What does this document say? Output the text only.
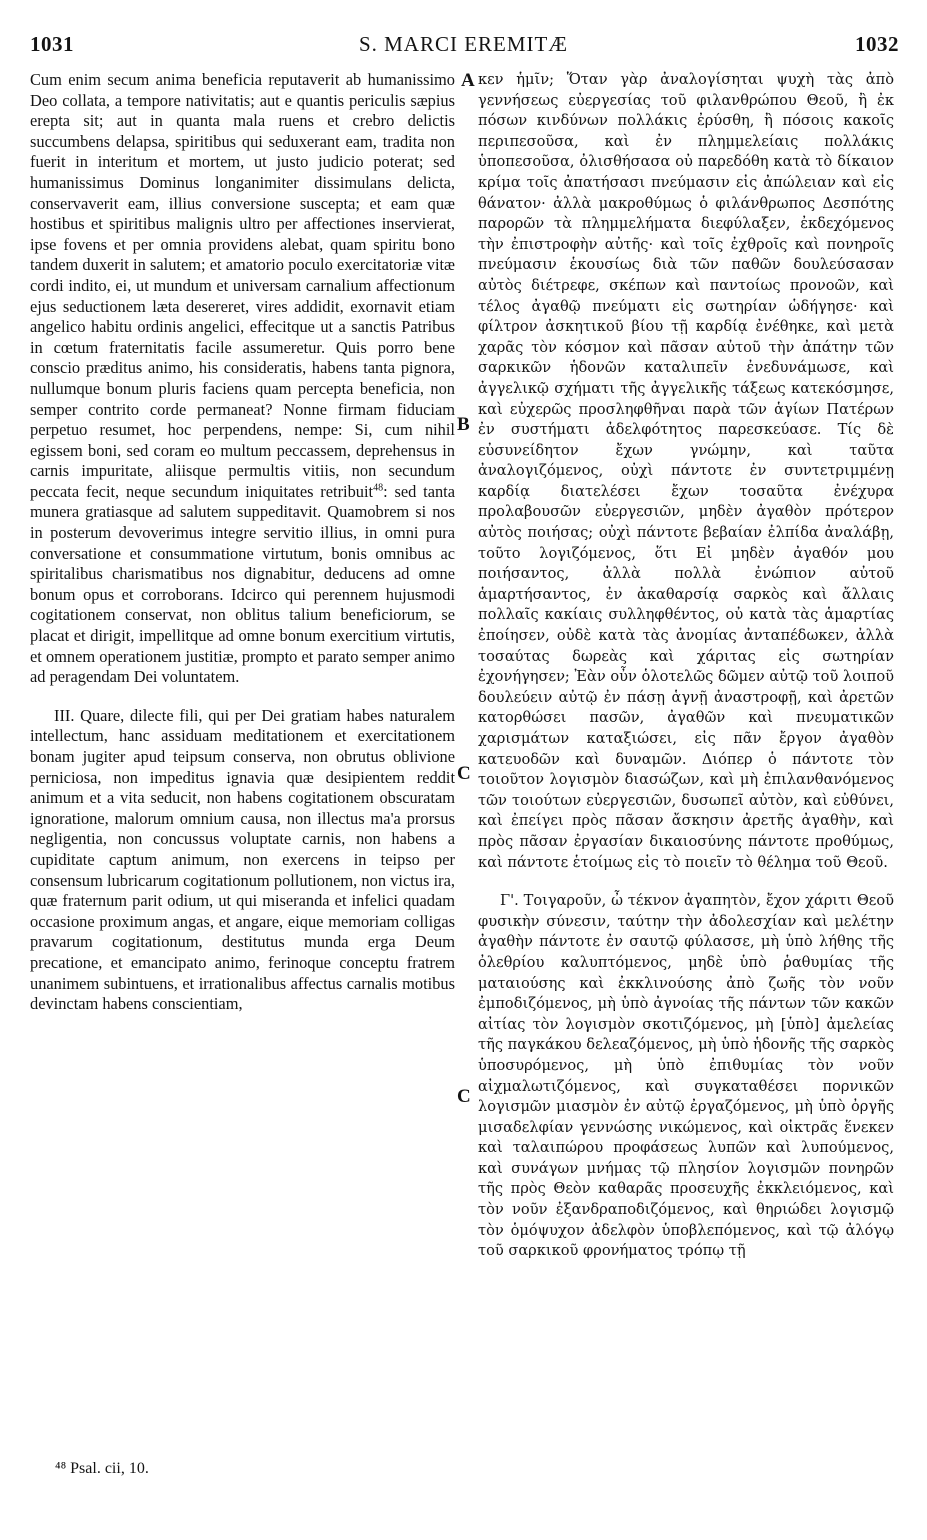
1031	S. MARCI EREMITÆ	1032

Cum enim secum anima beneficia reputaverit ab humanissimo Deo collata, a tempore nativitatis; aut e quantis periculis sæpius erepta sit; aut in quanta mala ruens et crebro delictis succumbens delapsa, spiritibus qui seduxerant eam, tradita non fuerit in interitum et mortem, ut justo judicio poterat; sed humanissimus Dominus longanimiter dissimulans delicta, conservaverit eam, illius conversione suscepta; et eam quæ hostibus et spiritibus malignis ultro per affectiones inservierat, ipse fovens et per omnia providens alebat, quam spiritu bono tandem duxerit in salutem; et amatorio poculo exercitatoriæ vitæ cordi indito, ei, ut mundum et universam carnalium affectionum ejus seductionem læta desereret, vires addidit, exornavit etiam angelico habitu ordinis angelici, effecitque ut a sanctis Patribus in cœtum fraternitatis facile assumeretur. Quis porro bene conscio præditus animo, his consideratis, habens tanta pignora, nullumque bonum pluris faciens quam percepta beneficia, non semper contrito corde permaneat? Nonne firmam fiduciam perpetuo resumet, hoc perpendens, nempe: Si, cum nihil egissem boni, sed coram eo multum peccassem, deprehensus in carnis impuritate, aliisque permultis vitiis, non secundum peccata fecit, neque secundum iniquitates retribuit$^{48}$: sed tanta munera gratiasque ad salutem suppeditavit. Quamobrem si nos in posterum devoverimus integre servitio illius, in omni pura conversatione et consummatione virtutum, bonis omnibus ac spiritalibus charismatibus nos dignabitur, deducens ad omne bonum opus et corroborans. Idcirco qui perennem hujusmodi cogitationem conservat, non oblitus talium beneficiorum, se placat et dirigit, impellitque ad omne bonum exercitium virtutis, et omnem operationem justitiæ, prompto et parato semper animo ad peragendam Dei voluntatem.

III. Quare, dilecte fili, qui per Dei gratiam habes naturalem intellectum, hanc assiduam meditationem et exercitationem bonam jugiter apud teipsum conserva, non obrutus oblivione perniciosa, non impeditus ignavia quæ desipientem reddit animum et a vita seducit, non habens cogitationem obscuratam ignoratione, malorum omnium causa, non illectus ma'a prorsus negligentia, non concussus voluptate carnis, non habens a cupiditate captum animum, non exercens in teipso per consensum lubricarum cogitationum pollutionem, non victus ira, quæ fraternum parit odium, ut qui miseranda et infelici quadam occasione proximum angas, et angare, eique memoriam colligas pravarum cogitationum, destitutus munda erga Deum precatione, et emancipato animo, ferinoque conceptu fratrem unanimem subintuens, et irrationalibus affectus carnalis motibus devinctam habens conscientiam,

A
B
C
C

κεν ἡμῖν; Ὅταν γὰρ ἀναλογίσηται ψυχὴ τὰς ἀπὸ γεννήσεως εὐεργεσίας τοῦ φιλανθρώπου Θεοῦ, ἢ ἐκ πόσων κινδύνων πολλάκις ἐρύσθη, ἢ πόσοις κακοῖς περιπεσοῦσα, καὶ ἐν πλημμελείαις πολλάκις ὑποπεσοῦσα, ὀλισθήσασα οὐ παρεδόθη κατὰ τὸ δίκαιον κρίμα τοῖς ἀπατήσασι πνεύμασιν εἰς ἀπώλειαν καὶ εἰς θάνατον· ἀλλὰ μακροθύμως ὁ φιλάνθρωπος Δεσπότης παρορῶν τὰ πλημμελήματα διεφύλαξεν, ἐκδεχόμενος τὴν ἐπιστροφὴν αὐτῆς· καὶ τοῖς ἐχθροῖς καὶ πονηροῖς πνεύμασιν ἑκουσίως διὰ τῶν παθῶν δουλεύσασαν αὐτὸς διέτρεφε, σκέπων καὶ παντοίως προνοῶν, καὶ τέλος ἀγαθῷ πνεύματι εἰς σωτηρίαν ὡδήγησε· καὶ φίλτρον ἀσκητικοῦ βίου τῇ καρδίᾳ ἐνέθηκε, καὶ μετὰ χαρᾶς τὸν κόσμον καὶ πᾶσαν αὐτοῦ τὴν ἀπάτην τῶν σαρκικῶν ἡδονῶν καταλιπεῖν ἐνεδυνάμωσε, καὶ ἀγγελικῷ σχήματι τῆς ἀγγελικῆς τάξεως κατεκόσμησε, καὶ εὐχερῶς προσληφθῆναι παρὰ τῶν ἁγίων Πατέρων ἐν συστήματι ἀδελφότητος παρεσκεύασε. Τίς δὲ εὐσυνείδητον ἔχων γνώμην, καὶ ταῦτα ἀναλογιζόμενος, οὐχὶ πάντοτε ἐν συντετριμμένῃ καρδίᾳ διατελέσει ἔχων τοσαῦτα ἐνέχυρα προλαβουσῶν εὐεργεσιῶν, μηδὲν ἀγαθὸν πρότερον αὐτὸς ποιήσας; οὐχὶ πάντοτε βεβαίαν ἐλπίδα ἀναλάβῃ, τοῦτο λογιζόμενος, ὅτι Εἰ μηδὲν ἀγαθόν μου ποιήσαντος, ἀλλὰ πολλὰ ἐνώπιον αὐτοῦ ἁμαρτήσαντος, ἐν ἀκαθαρσίᾳ σαρκὸς καὶ ἄλλαις πολλαῖς κακίαις συλληφθέντος, οὐ κατὰ τὰς ἁμαρτίας ἐποίησεν, οὐδὲ κατὰ τὰς ἀνομίας ἀνταπέδωκεν, ἀλλὰ τοσαύτας δωρεὰς καὶ χάριτας εἰς σωτηρίαν ἐχονήγησεν; Ἐὰν οὖν ὁλοτελῶς δῶμεν αὐτῷ τοῦ λοιποῦ δουλεύειν αὐτῷ ἐν πάσῃ ἁγνῇ ἀναστροφῇ, καὶ ἀρετῶν κατορθώσει πασῶν, ἀγαθῶν καὶ πνευματικῶν χαρισμάτων καταξιώσει, εἰς πᾶν ἔργον ἀγαθὸν κατευοδῶν καὶ δυναμῶν. Διόπερ ὁ πάντοτε τὸν τοιοῦτον λογισμὸν διασώζων, καὶ μὴ ἐπιλανθανόμενος τῶν τοιούτων εὐεργεσιῶν, δυσωπεῖ αὐτὸν, καὶ εὐθύνει, καὶ ἐπείγει πρὸς πᾶσαν ἄσκησιν ἀρετῆς ἀγαθὴν, καὶ πρὸς πᾶσαν ἐργασίαν δικαιοσύνης πάντοτε προθύμως, καὶ πάντοτε ἑτοίμως εἰς τὸ ποιεῖν τὸ θέλημα τοῦ Θεοῦ.

Γ'. Τοιγαροῦν, ὦ τέκνον ἀγαπητὸν, ἔχον χάριτι Θεοῦ φυσικὴν σύνεσιν, ταύτην τὴν ἀδολεσχίαν καὶ μελέτην ἀγαθὴν πάντοτε ἐν σαυτῷ φύλασσε, μὴ ὑπὸ λήθης τῆς ὀλεθρίου καλυπτόμενος, μηδὲ ὑπὸ ῥαθυμίας τῆς ματαιούσης καὶ ἐκκλινούσης ἀπὸ ζωῆς τὸν νοῦν ἐμποδιζόμενος, μὴ ὑπὸ ἀγνοίας τῆς πάντων τῶν κακῶν αἰτίας τὸν λογισμὸν σκοτιζόμενος, μὴ [ὑπὸ] ἀμελείας τῆς παγκάκου δελεαζόμενος, μὴ ὑπὸ ἡδονῆς τῆς σαρκὸς ὑποσυρόμενος, μὴ ὑπὸ ἐπιθυμίας τὸν νοῦν αἰχμαλωτιζόμενος, καὶ συγκαταθέσει πορνικῶν λογισμῶν μιασμὸν ἐν αὐτῷ ἐργαζόμενος, μὴ ὑπὸ ὀργῆς μισαδελφίαν γεννώσης νικώμενος, καὶ οἰκτρᾶς ἕνεκεν καὶ ταλαιπώρου προφάσεως λυπῶν καὶ λυπούμενος, καὶ συνάγων μνήμας τῷ πλησίον λογισμῶν πονηρῶν τῆς πρὸς Θεὸν καθαρᾶς προσευχῆς ἐκκλειόμενος, καὶ τὸν νοῦν ἐξανδραποδιζόμενος, καὶ θηριώδει λογισμῷ τὸν ὁμόψυχον ἀδελφὸν ὑποβλεπόμενος, καὶ τῷ ἀλόγῳ τοῦ σαρκικοῦ φρονήματος τρόπῳ τῇ

⁴⁸ Psal. cii, 10.
